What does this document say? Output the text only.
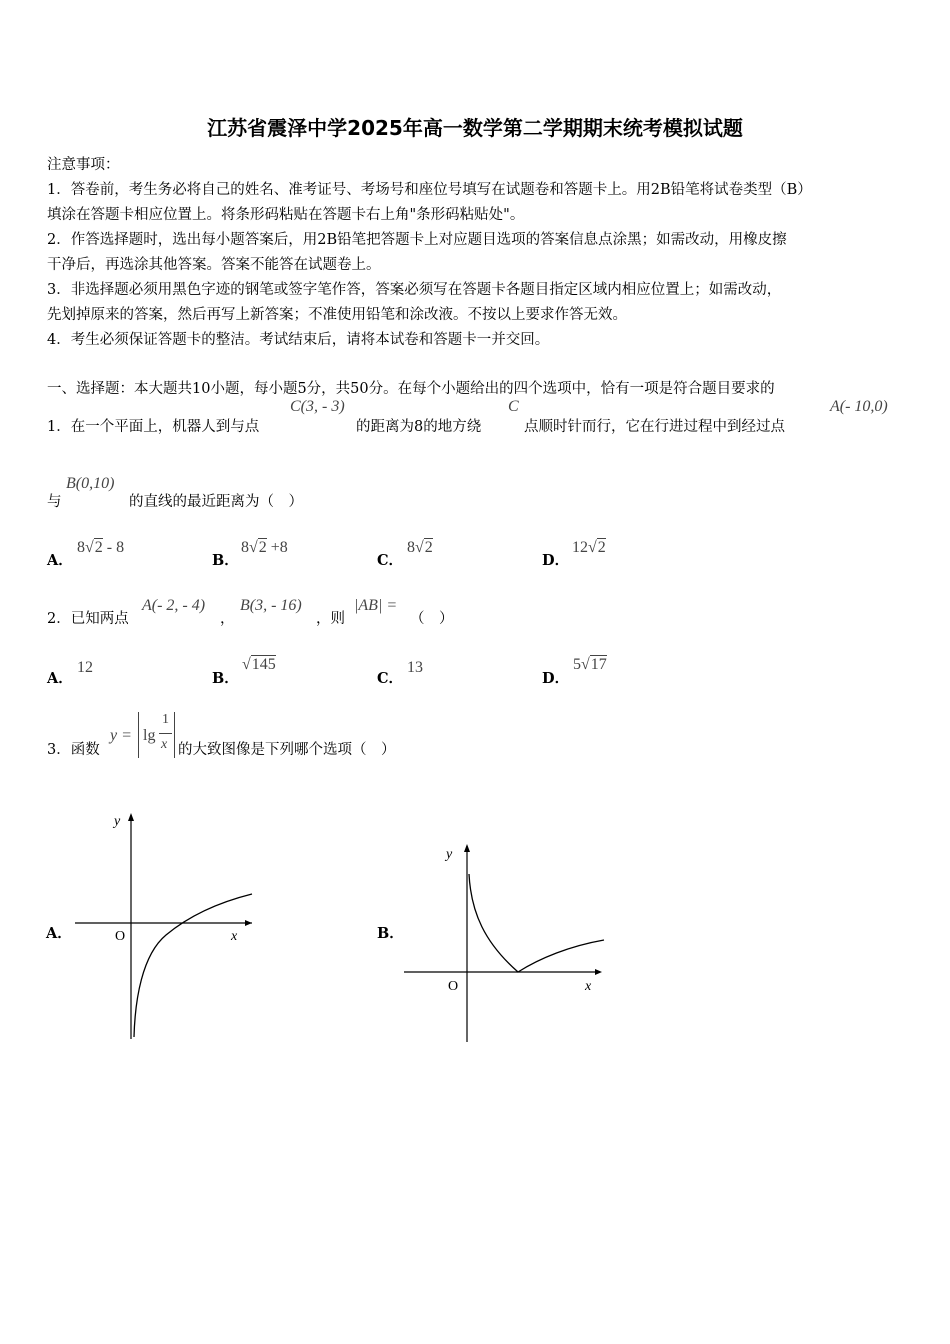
江苏省震泽中学2025年高一数学第二学期期末统考模拟试题
注意事项：
1．答卷前，考生务必将自己的姓名、准考证号、考场号和座位号填写在试题卷和答题卡上。用2B铅笔将试卷类型（B）
填涂在答题卡相应位置上。将条形码粘贴在答题卡右上角"条形码粘贴处"。
2．作答选择题时，选出每小题答案后，用2B铅笔把答题卡上对应题目选项的答案信息点涂黑；如需改动，用橡皮擦
干净后，再选涂其他答案。答案不能答在试题卷上。
3．非选择题必须用黑色字迹的钢笔或签字笔作答，答案必须写在答题卡各题目指定区域内相应位置上；如需改动，
先划掉原来的答案，然后再写上新答案；不准使用铅笔和涂改液。不按以上要求作答无效。
4．考生必须保证答题卡的整洁。考试结束后，请将本试卷和答题卡一并交回。
一、选择题：本大题共10小题，每小题5分，共50分。在每个小题给出的四个选项中，恰有一项是符合题目要求的
1．在一个平面上，机器人到与点
C(3, - 3)
的距离为8的地方绕
C
点顺时针而行，它在行进过程中到经过点
A(- 10,0)
与
B(0,10)
的直线的最近距离为（　）
A．
8√2 - 8
B．
8√2 +8
C．
8√2
D．
12√2
2．已知两点
A(- 2, - 4)
，
B(3, - 16)
，则
|AB| =
（　）
A．
12
B．
√145
C．
13
D．
5√17
3．函数
y = lg
1
x 的大致图像是下列哪个选项（　）
A．
y
O	x	B．
y
O	x
